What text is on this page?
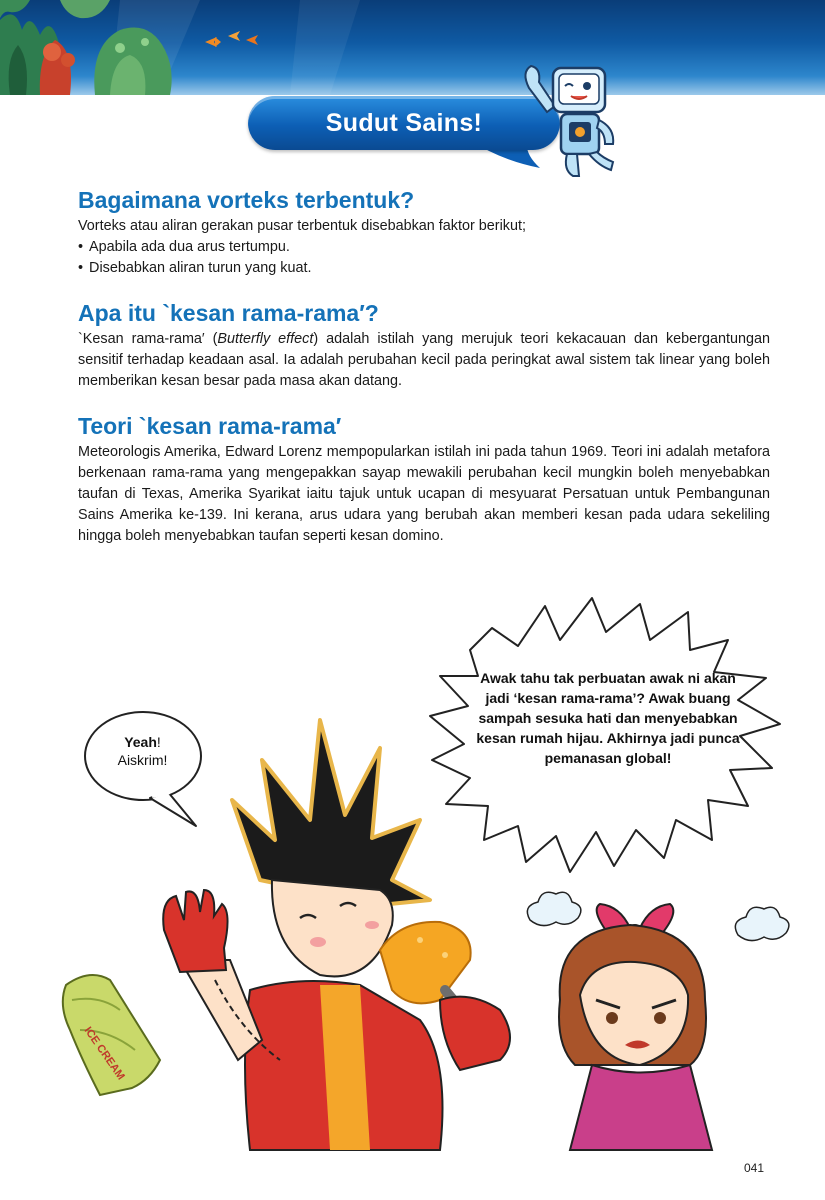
Sudut Sains!
Bagaimana vorteks terbentuk?

Vorteks atau aliran gerakan pusar terbentuk disebabkan faktor berikut;

• Apabila ada dua arus tertumpu.
• Disebabkan aliran turun yang kuat.
Apa itu `kesan rama-rama′?

`Kesan rama-rama′ (Butterfly effect) adalah istilah yang merujuk teori kekacauan dan kebergantungan sensitif terhadap keadaan asal. Ia adalah perubahan kecil pada peringkat awal sistem tak linear yang boleh memberikan kesan besar pada masa akan datang.

Teori `kesan rama-rama′

Meteorologis Amerika, Edward Lorenz mempopularkan istilah ini pada tahun 1969. Teori ini adalah metafora berkenaan rama-rama yang mengepakkan sayap mewakili perubahan kecil mungkin boleh menyebabkan taufan di Texas, Amerika Syarikat iaitu tajuk untuk ucapan di mesyuarat Persatuan untuk Pembangunan Sains Amerika ke-139. Ini kerana, arus udara yang berubah akan memberi kesan pada udara sekeliling hingga boleh menyebabkan taufan seperti kesan domino.

ICE CREAM
Yeah!
Aiskrim!
Awak tahu tak perbuatan awak ni akan jadi ‘kesan rama-rama’? Awak buang sampah sesuka hati dan menyebabkan kesan rumah hijau. Akhirnya jadi punca pemanasan global!
041
